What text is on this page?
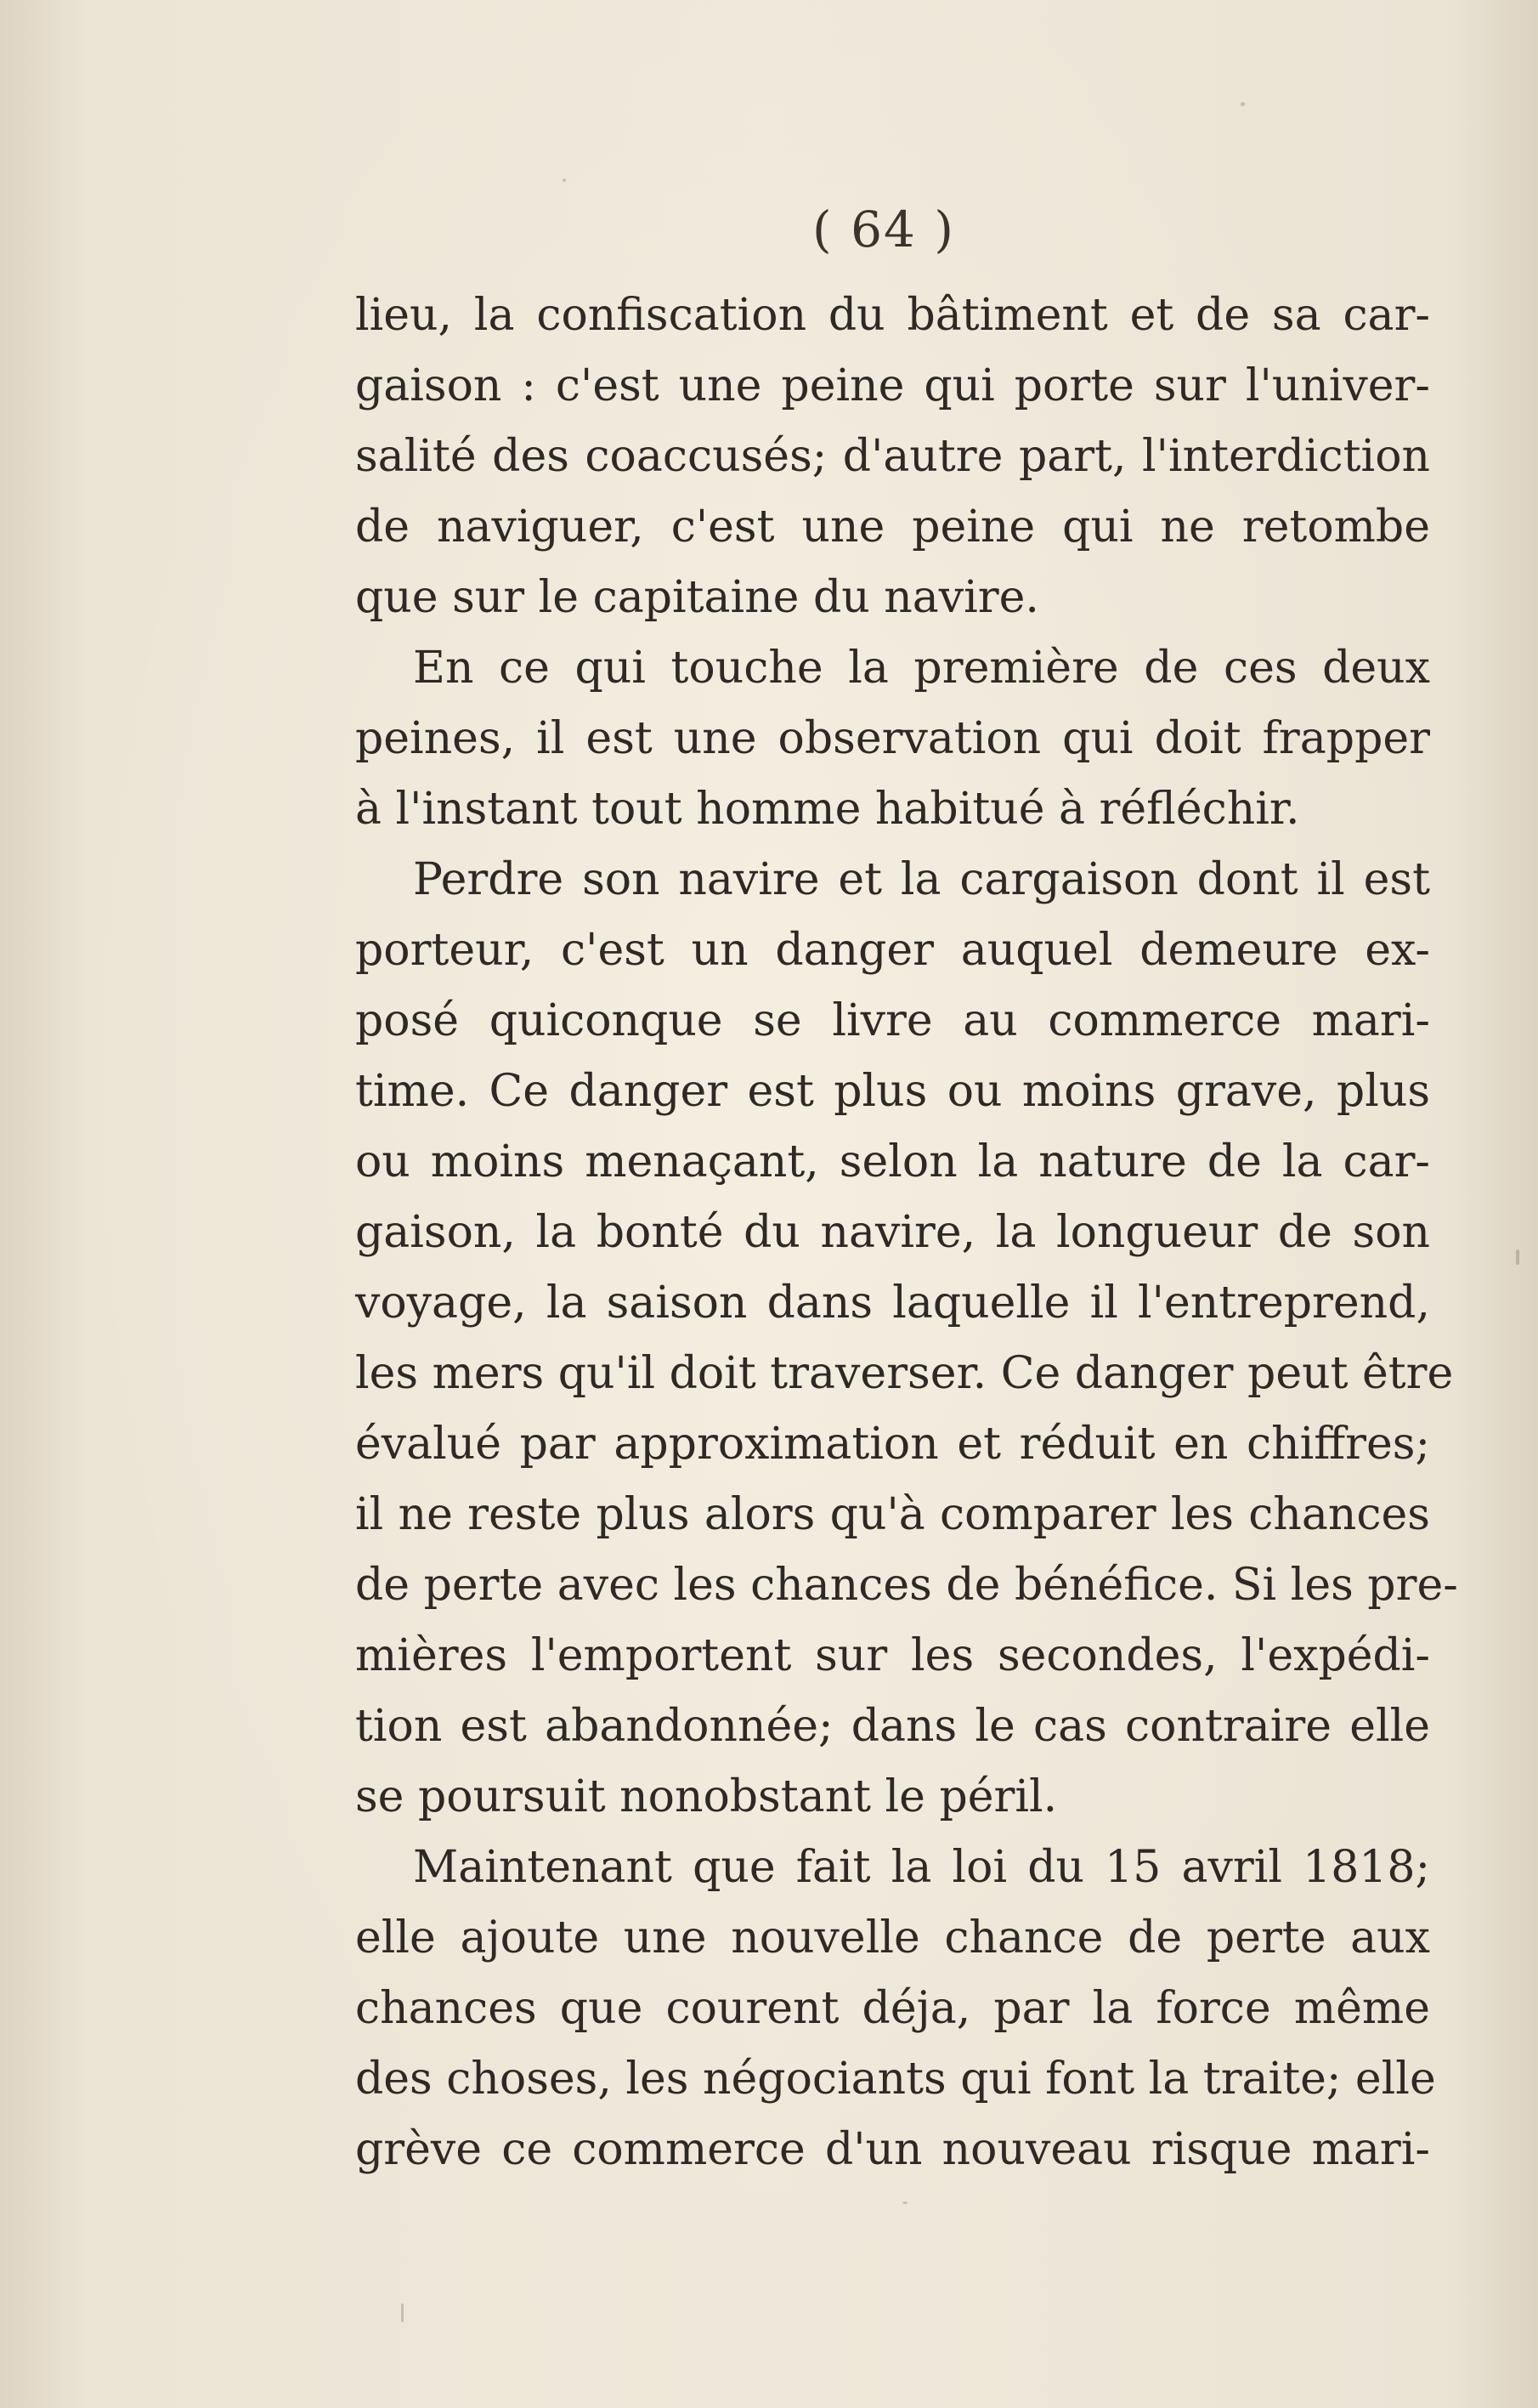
( 64 )
lieu, la confiscation du bâtiment et de sa car-
gaison : c'est une peine qui porte sur l'univer-
salité des coaccusés; d'autre part, l'interdiction
de naviguer, c'est une peine qui ne retombe
que sur le capitaine du navire.
En ce qui touche la première de ces deux
peines, il est une observation qui doit frapper
à l'instant tout homme habitué à réfléchir.
Perdre son navire et la cargaison dont il est
porteur, c'est un danger auquel demeure ex-
posé quiconque se livre au commerce mari-
time. Ce danger est plus ou moins grave, plus
ou moins menaçant, selon la nature de la car-
gaison, la bonté du navire, la longueur de son
voyage, la saison dans laquelle il l'entreprend,
les mers qu'il doit traverser. Ce danger peut être
évalué par approximation et réduit en chiffres;
il ne reste plus alors qu'à comparer les chances
de perte avec les chances de bénéfice. Si les pre-
mières l'emportent sur les secondes, l'expédi-
tion est abandonnée; dans le cas contraire elle
se poursuit nonobstant le péril.
Maintenant que fait la loi du 15 avril 1818;
elle ajoute une nouvelle chance de perte aux
chances que courent déja, par la force même
des choses, les négociants qui font la traite; elle
grève ce commerce d'un nouveau risque mari-
